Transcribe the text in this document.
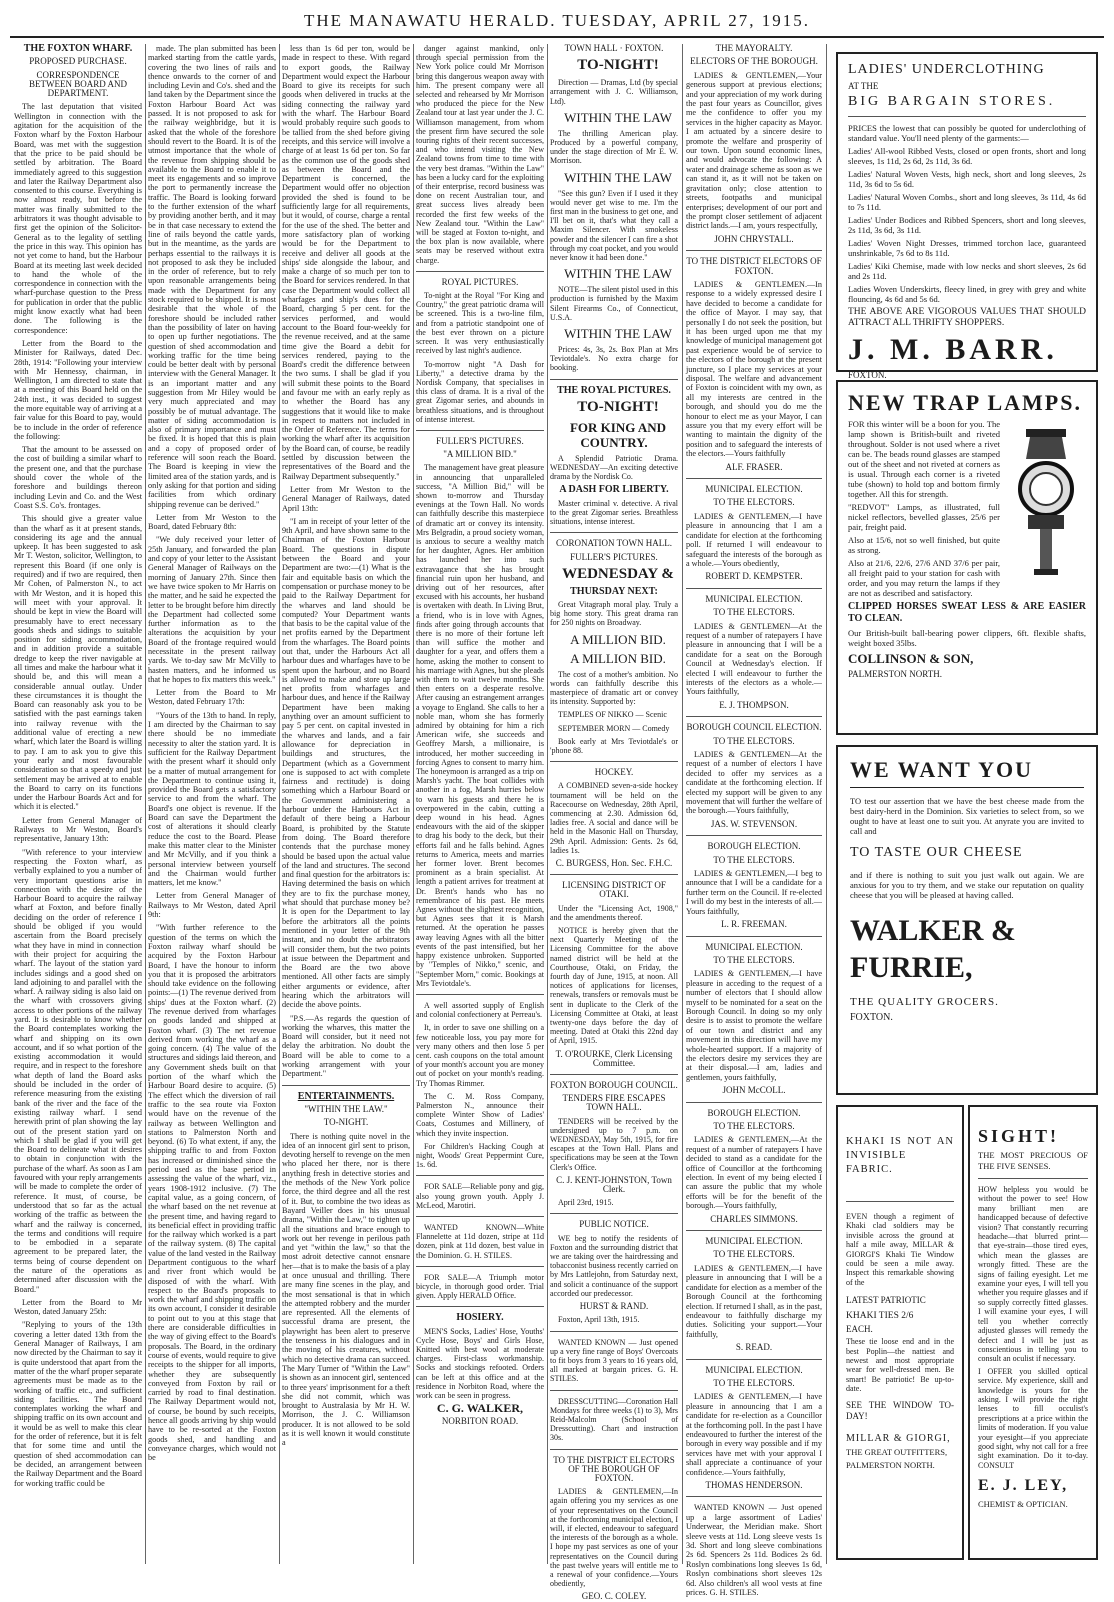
THE MANAWATU HERALD. TUESDAY, APRIL 27, 1915.

THE FOXTON WHARF.

PROPOSED PURCHASE.

CORRESPONDENCE BETWEEN BOARD AND DEPARTMENT.

The last deputation that visited Wellington in connection with the agitation for the acquisition of the Foxton wharf by the Foxton Harbour Board, was met with the suggestion that the price to be paid should be settled by arbitration. The Board immediately agreed to this suggestion and later the Railway Department also consented to this course. Everything is now almost ready, but before the matter was finally submitted to the arbitrators it was thought advisable to first get the opinion of the Solicitor-General as to the legality of settling the price in this way. This opinion has not yet come to hand, but the Harbour Board at its meeting last week decided to hand the whole of the correspondence in connection with the wharf-purchase question to the Press for publication in order that the public might know exactly what had been done. The following is the correspondence:

Letter from the Board to the Minister for Railways, dated Dec. 28th, 1914: "Following your interview with Mr Hennessy, chairman, in Wellington, I am directed to state that at a meeting of this Board held on the 24th inst., it was decided to suggest the more equitable way of arriving at a fair value for this Board to pay, would be to include in the order of reference the following:

That the amount to be assessed on the cost of building a similar wharf to the present one, and that the purchase should cover the whole of the foreshore and buildings thereon including Levin and Co. and the West Coast S.S. Co's. frontages.

This should give a greater value than the wharf as it at present stands, considering its age and the annual upkeep. It has been suggested to ask Mr T. Weston, solicitor, Wellington, to represent this Board (if one only is required) and if two are required, then Mr Cohen, of Palmerston N., to act with Mr Weston, and it is hoped this will meet with your approval. It should be kept in view the Board will presumably have to erect necessary goods sheds and sidings to suitable position for siding accommodation, and in addition provide a suitable dredge to keep the river navigable at all times and make the harbour what it should be, and this will mean a considerable annual outlay. Under these circumstances it is thought the Board can reasonably ask you to be satisfied with the past earnings taken into railway revenue with the additional value of erecting a new wharf, which later the Board is willing to pay. I am to ask you to give this your early and most favourable consideration so that a speedy and just settlement may be arrived at to enable the Board to carry on its functions under the Harbour Boards Act and for which it is elected."

Letter from General Manager of Railways to Mr Weston, Board's representative, January 13th:

"With reference to your interview respecting the Foxton wharf, as verbally explained to you a number of very important questions arise in connection with the desire of the Harbour Board to acquire the railway wharf at Foxton, and before finally deciding on the order of reference I should be obliged if you would ascertain from the Board precisely what they have in mind in connection with their project for acquiring the wharf. The layout of the station yard includes sidings and a good shed on land adjoining to and parallel with the wharf. A railway siding is also laid on the wharf with crossovers giving access to other portions of the railway yard. It is desirable to know whether the Board contemplates working the wharf and shipping on its own account, and if so what portion of the existing accommodation it would require, and in respect to the foreshore what depth of land the Board asks should be included in the order of reference measuring from the existing bank of the river and the face of the existing railway wharf. I send herewith print of plan showing the lay out of the present station yard on which I shall be glad if you will get the Board to delineate what it desires to obtain in conjunction with the purchase of the wharf. As soon as I am favoured with your reply arrangements will be made to complete the order of reference. It must, of course, be understood that so far as the actual working of the traffic as between the wharf and the railway is concerned, the terms and conditions will require to be embodied in a separate agreement to be prepared later, the terms being of course dependent on the nature of the operations as determined after discussion with the Board."

Letter from the Board to Mr Weston, dated January 25th:

"Replying to yours of the 13th covering a letter dated 13th from the General Manager of Railways, I am now directed by the Chairman to say it is quite understood that apart from the matter of the the wharf proper separate agreements must be made as to the working of traffic etc., and sufficient siding facilities. The Board contemplates working the wharf and shipping traffic on its own account and it would be as well to make this clear for the order of reference, but it is felt that for some time and until the question of shed accommodation can be decided, an arrangement between the Railway Department and the Board for working traffic could be

made. The plan submitted has been marked starting from the cattle yards, covering the two lines of rails and thence onwards to the corner of and including Levin and Co's. shed and the land taken by the Department since the Foxton Harbour Board Act was passed. It is not proposed to ask for the railway weighbridge, but it is asked that the whole of the foreshore should revert to the Board. It is of the utmost importance that the whole of the revenue from shipping should be available to the Board to enable it to meet its engagements and so improve the port to permanently increase the traffic. The Board is looking forward to the further extension of the wharf by providing another berth, and it may be in that case necessary to extend the line of rails beyond the cattle yards, but in the meantime, as the yards are perhaps essential to the railways it is not proposed to ask they be included in the order of reference, but to rely upon reasonable arrangements being made with the Department for any stock required to be shipped. It is most desirable that the whole of the foreshore should be included rather than the possibility of later on having to open up further negotiations. The question of shed accommodation and working traffic for the time being could be better dealt with by personal interview with the General Manager. It is an important matter and any suggestion from Mr Hiley would be very much appreciated and may possibly be of mutual advantage. The matter of siding accommodation is also of primary importance and must be fixed. It is hoped that this is plain and a copy of proposed order of reference will soon reach the Board. The Board is keeping in view the limited area of the station yards, and is only asking for that portion and siding facilities from which ordinary shipping revenue can be derived."

Letter from Mr Weston to the Board, dated February 8th:

"We duly received your letter of 25th January, and forwarded the plan and copy of your letter to the Assistant General Manager of Railways on the morning of January 27th. Since then we have twice spoken to Mr Harris on the matter, and he said he expected the letter to be brought before him directly the Department had collected some further information as to the alterations the acquisition by your Board of the frontage required would necessitate in the present railway yards. We to-day saw Mr McVilly to hasten matters, and he informed us that he hopes to fix matters this week."

Letter from the Board to Mr Weston, dated February 17th:

"Yours of the 13th to hand. In reply, I am directed by the Chairman to say there should be no immediate necessity to alter the station yard. It is sufficient for the Railway Department with the present wharf it should only be a matter of mutual arrangement for the Department to continue using it, provided the Board gets a satisfactory service to and from the wharf. The Board's one object is revenue. If the Board can save the Department the cost of alterations it should clearly reduce the cost to the Board. Please make this matter clear to the Minister and Mr McVilly, and if you think a personal interview between yourself and the Chairman would further matters, let me know."

Letter from General Manager of Railways to Mr Weston, dated April 9th:

"With further reference to the question of the terms on which the Foxton railway wharf should be acquired by the Foxton Harbour Board, I have the honour to inform you that it is proposed the arbitrators should take evidence on the following points:—(1) The revenue derived from ships' dues at the Foxton wharf. (2) The revenue derived from wharfages on goods landed and shipped at Foxton wharf. (3) The net revenue derived from working the wharf as a going concern. (4) The value of the structures and sidings laid thereon, and any Government sheds built on that portion of the wharf which the Harbour Board desire to acquire. (5) The effect which the diversion of rail traffic to the sea route via Foxton would have on the revenue of the railway as between Wellington and stations to Palmerston North and beyond. (6) To what extent, if any, the shipping traffic to and from Foxton has increased or diminished since the period used as the base period in assessing the value of the wharf, viz., years 1908-1912 inclusive. (7) The capital value, as a going concern, of the wharf based on the net revenue at the present time, and having regard to its beneficial effect in providing traffic for the railway which worked is a part of the railway system. (8) The capital value of the land vested in the Railway Department contiguous to the wharf and river front which would be disposed of with the wharf. With respect to the Board's proposals to work the wharf and shipping traffic on its own account, I consider it desirable to point out to you at this stage that there are considerable difficulties in the way of giving effect to the Board's proposals. The Board, in the ordinary course of events, would require to give receipts to the shipper for all imports, whether they are subsequently conveyed from Foxton by rail or carried by road to final destination. The Railway Department would not, of course, be bound by such receipts, hence all goods arriving by ship would have to be re-sorted at the Foxton goods shed, and handling and conveyance charges, which would not be

less than 1s 6d per ton, would be made in respect to these. With regard to export goods, the Railway Department would expect the Harbour Board to give its receipts for such goods when delivered in trucks at the siding connecting the railway yard with the wharf. The Harbour Board would probably require such goods to be tallied from the shed before giving receipts, and this service will involve a charge of at least 1s 6d per ton. So far as the common use of the goods shed as between the Board and the Department is concerned, the Department would offer no objection provided the shed is found to be sufficiently large for all requirements, but it would, of course, charge a rental for the use of the shed. The better and more satisfactory plan of working would be for the Department to receive and deliver all goods at the ships' side alongside the labour, and make a charge of so much per ton to the Board for services rendered. In that case the Department would collect all wharfages and ship's dues for the Board, charging 5 per cent. for the services performed, and would account to the Board four-weekly for the revenue received, and at the same time give the Board a debit for services rendered, paying to the Board's credit the difference between the two sums. I shall be glad if you will submit these points to the Board and favour me with an early reply as to whether the Board has any suggestions that it would like to make in respect to matters not included in the Order of Reference. The terms for working the wharf after its acquisition by the Board can, of course, be readily settled by discussion between the representatives of the Board and the Railway Department subsequently."

Letter from Mr Weston to the General Manager of Railways, dated April 13th:

"I am in receipt of your letter of the 9th April, and have shown same to the Chairman of the Foxton Harbour Board. The questions in dispute between the Board and your Department are two:—(1) What is the fair and equitable basis on which the compensation or purchase money to be paid to the Railway Department for the wharves and land should be computed? Your Department wants that basis to be the capital value of the net profits earned by the Department from the wharfages. The Board points out that, under the Harbours Act all harbour dues and wharfages have to be spent upon the harbour, and no Board is allowed to make and store up large net profits from wharfages and harbour dues, and hence if the Railway Department have been making anything over an amount sufficient to pay 5 per cent. on capital invested in the wharves and lands, and a fair allowance for depreciation in buildings and structures, the Department (which as a Government one is supposed to act with complete fairness and rectitude) is doing something which a Harbour Board or the Government administering a harbour under the Harbours Act in default of there being a Harbour Board, is prohibited by the Statute from doing. The Board therefore contends that the purchase money should be based upon the actual value of the land and structures. The second and final question for the arbitrators is: Having determined the basis on which they are to fix the purchase money, what should that purchase money be? It is open for the Department to lay before the arbitrators all the points mentioned in your letter of the 9th instant, and no doubt the arbitrators will consider them, but the two points at issue between the Department and the Board are the two above mentioned. All other facts are simply either arguments or evidence, after hearing which the arbitrators will decide the above points.

"P.S.—As regards the question of working the wharves, this matter the Board will consider, but it need not delay the arbitration. No doubt the Board will be able to come to a working arrangement with your Department."

ENTERTAINMENTS.

"WITHIN THE LAW."

TO-NIGHT.

There is nothing quite novel in the idea of an innocent girl sent to prison, devoting herself to revenge on the men who placed her there, nor is there anything fresh in detective stories and the methods of the New York police force, the third degree and all the rest of it. But, to combine the two ideas as Bayard Veiller does in his unusual drama, "Within the Law," to tighten up all the situations and brace enough to work out her revenge in perilous path and yet "within the law," so that the most adroit detective cannot ensnare her—that is to make the basis of a play at once unusual and thrilling. There are many fine scenes in the play, and the most sensational is that in which the attempted robbery and the murder are represented. All the elements of successful drama are present, the playwright has been alert to preserve the tenseness in his dialogues and in the moving of his creatures, without which no detective drama can succeed. The Mary Turner of "Within the Law" is shown as an innocent girl, sentenced to three years' imprisonment for a theft she did not commit, which was brought to Australasia by Mr H. W. Morrison, the J. C. Williamson producer. It is not allowed to be sold as it is well known it would constitute a

danger against mankind, only through special permission from the New York police could Mr Morrison bring this dangerous weapon away with him. The present company were all selected and rehearsed by Mr Morrison who produced the piece for the New Zealand tour at last year under the J. C. Williamson management, from whom the present firm have secured the sole touring rights of their recent successes, and who intend visiting the New Zealand towns from time to time with the very best dramas. "Within the Law" has been a lucky card for the exploiting of their enterprise, record business was done on recent Australian tour, and great success lives already been recorded the first few weeks of the New Zealand tour. "Within the Law" will be staged at Foxton to-night, and the box plan is now available, where seats may be reserved without extra charge.

ROYAL PICTURES.

To-night at the Royal "For King and Country," the great patriotic drama will be screened. This is a two-line film, and from a patriotic standpoint one of the best ever thrown on a picture screen. It was very enthusiastically received by last night's audience.

To-morrow night "A Dash for Liberty," a detective drama by the Nordisk Company, that specialises in this class of drama. It is a rival of the great Zigomar series, and abounds in breathless situations, and is throughout of intense interest.

FULLER'S PICTURES.

"A MILLION BID."

The management have great pleasure in announcing that unparalleled success, "A Million Bid," will be shown to-morrow and Thursday evenings at the Town Hall. No words can faithfully describe this masterpiece of dramatic art or convey its intensity. Mrs Belgradin, a proud society woman, is anxious to secure a wealthy match for her daughter, Agnes. Her ambition has launched her into such extravagance that she has brought financial ruin upon her husband, and driving out of her resources, after excused with his accounts, her husband is overtaken with death. In Living Brut, a friend, who is in love with Agnes, finds after going through accounts that there is no more of their fortune left than will suffice the mother and daughter for a year, and offers them a home, asking the mother to consent to his marriage with Agnes, but she pleads with them to wait twelve months. She then enters on a desperate resolve. After causing an estrangement arranges a voyage to England. She calls to her a noble man, whom she has formerly admired by obtaining for him a rich American wife, she succeeds and Geoffrey Marsh, a millionaire, is introduced, her mother succeeding in forcing Agnes to consent to marry him. The honeymoon is arranged as a trip on Marsh's yacht. The boat collides with another in a fog, Marsh hurries below to warn his guests and there he is overpowered in the cabin, cutting a deep wound in his head. Agnes endeavours with the aid of the skipper to drag his body to the deck, but their efforts fail and he falls behind. Agnes returns to America, meets and marries her former lover. Brent becomes prominent as a brain specialist. At length a patient arrives for treatment at Dr. Brent's hands who has no remembrance of his past. He meets Agnes without the slightest recognition, but Agnes sees that it is Marsh returned. At the operation he passes away leaving Agnes with all the bitter events of the past intensified, but her happy existence unbroken. Supported by "Temples of Nikko," scenic, and "September Morn," comic. Bookings at Mrs Teviotdale's.

A well assorted supply of English and colonial confectionery at Perreau's.

It, in order to save one shilling on a few noticeable loss, you pay more for very many others and then lose 5 per cent. cash coupons on the total amount of your month's account you are money out of pocket on your month's reading. Try Thomas Rimmer.

The C. M. Ross Company, Palmerston N., announce their complete Winter Show of Ladies' Coats, Costumes and Millinery, of which they invite inspection.

For Children's Hacking Cough at night, Woods' Great Peppermint Cure, 1s. 6d.

FOR SALE—Reliable pony and gig, also young grown youth. Apply J. McLeod, Marotiri.

WANTED KNOWN—White Flannelette at 11d dozen, stripe at 11d dozen, pink at 11d dozen, best value in the Dominion. G. H. STILES.

FOR SALE—A Triumph motor bicycle, in thorough good order. Trial given. Apply HERALD Office.

HOSIERY.

MEN'S Socks, Ladies' Hose, Youths' Cycle Hose, Boys' and Girls Hose, Knitted with best wool at moderate charges. First-class workmanship. Socks and stockings refooted. Orders can be left at this office and at the residence in Norbiton Road, where the work can be seen in progress.

C. G. WALKER,

NORBITON ROAD.

TOWN HALL · FOXTON.

TO-NIGHT!

Direction — Dramas, Ltd (by special arrangement with J. C. Williamson, Ltd).

WITHIN THE LAW

The thrilling American play. Produced by a powerful company, under the stage direction of Mr E. W. Morrison.

WITHIN THE LAW

"See this gun? Even if I used it they would never get wise to me. I'm the first man in the business to get one, and I'll bet on it, that's what they call a Maxim Silencer. With smokeless powder and the silencer I can fire a shot through my coat pocket, and you would never know it had been done."

WITHIN THE LAW

NOTE—The silent pistol used in this production is furnished by the Maxim Silent Firearms Co., of Connecticut, U.S.A.

WITHIN THE LAW

Prices: 4s, 3s, 2s. Box Plan at Mrs Teviotdale's. No extra charge for booking.

THE ROYAL PICTURES.

TO-NIGHT!

FOR KING AND COUNTRY.

A Splendid Patriotic Drama. WEDNESDAY—An exciting detective drama by the Nordisk Co.

A DASH FOR LIBERTY.

Master criminal v. detective. A rival to the great Zigomar series. Breathless situations, intense interest.

CORONATION TOWN HALL.

FULLER'S PICTURES.

WEDNESDAY &

THURSDAY NEXT:

Great Vitagraph moral play. Truly a big home story. This great drama ran for 250 nights on Broadway.

A MILLION BID.

A MILLION BID.

The cost of a mother's ambition. No words can faithfully describe this masterpiece of dramatic art or convey its intensity. Supported by:

TEMPLES OF NIKKO — Scenic

SEPTEMBER MORN — Comedy

Book early at Mrs Teviotdale's or 'phone 88.

HOCKEY.

A COMBINED seven-a-side hockey tournament will be held on the Racecourse on Wednesday, 28th April, commencing at 2.30. Admission 6d, ladies free. A social and dance will be held in the Masonic Hall on Thursday, 29th April. Admission: Gents. 2s 6d, ladies 1s.

C. BURGESS, Hon. Sec. F.H.C.

LICENSING DISTRICT OF OTAKI.

Under the "Licensing Act, 1908," and the amendments thereof.

NOTICE is hereby given that the next Quarterly Meeting of the Licensing Committee for the above named district will be held at the Courthouse, Otaki, on Friday, the fourth day of June, 1915, at noon. All notices of applications for licenses, renewals, transfers or removals must be sent in duplicate to the Clerk of the Licensing Committee at Otaki, at least twenty-one days before the day of meeting. Dated at Otaki this 22nd day of April, 1915.

T. O'ROURKE, Clerk Licensing Committee.

FOXTON BOROUGH COUNCIL.

TENDERS FIRE ESCAPES TOWN HALL.

TENDERS will be received by the undersigned up to 7 p.m. on WEDNESDAY, May 5th, 1915, for fire escapes at the Town Hall. Plans and specifications may be seen at the Town Clerk's Office.

C. J. KENT-JOHNSTON, Town Clerk.

April 23rd, 1915.

PUBLIC NOTICE.

WE beg to notify the residents of Foxton and the surrounding district that we are taking over the hairdressing and tobacconist business recently carried on by Mrs Lattlejohn, from Saturday next, and solicit a continuance of the support accorded our predecessor.

HURST & RAND.

Foxton, April 13th, 1915.

WANTED KNOWN — Just opened up a very fine range of Boys' Overcoats to fit boys from 3 years to 16 years old, all marked at bargain prices. G. H. STILES.

DRESSCUTTING—Coronation Hall Mondays for three weeks (1) to 3), Mrs Reid-Malcolm (School of Dresscutting). Chart and instruction 30s.

TO THE DISTRICT ELECTORS OF THE BOROUGH OF FOXTON.

LADIES & GENTLEMEN,—In again offering you my services as one of your representatives on the Council at the forthcoming municipal election, I will, if elected, endeavour to safeguard the interests of the borough as a whole. I hope my past services as one of your representatives on the Council during the past twelve years will entitle me to a renewal of your confidence.—Yours obediently,

GEO. C. COLEY.

LADIES' UNDERCLOTHING

AT THE

BIG BARGAIN STORES.

PRICES the lowest that can possibly be quoted for underclothing of standard value. You'll need plenty of the garments:—

Ladies' All-wool Ribbed Vests, closed or open fronts, short and long sleeves, 1s 11d, 2s 6d, 2s 11d, 3s 6d.

Ladies' Natural Woven Vests, high neck, short and long sleeves, 2s 11d, 3s 6d to 5s 6d.

Ladies' Natural Woven Combs., short and long sleeves, 3s 11d, 4s 6d to 7s 11d.

Ladies' Under Bodices and Ribbed Spencers, short and long sleeves, 2s 11d, 3s 6d, 3s 11d.

Ladies' Woven Night Dresses, trimmed torchon lace, guaranteed unshrinkable, 7s 6d to 8s 11d.

Ladies' Kiki Chemise, made with low necks and short sleeves, 2s 6d and 2s 11d.

Ladies Woven Underskirts, fleecy lined, in grey with grey and white flouncing, 4s 6d and 5s 6d.

THE ABOVE ARE VIGOROUS VALUES THAT SHOULD ATTRACT ALL THRIFTY SHOPPERS.

J. M. BARR.

FOXTON.

NEW TRAP LAMPS.

FOR this winter will be a boon for you. The lamp shown is British-built and riveted throughout. Solder is not used where a rivet can be. The beads round glasses are stamped out of the sheet and not riveted at corners as is usual. Through each corner is a riveted tube (shown) to hold top and bottom firmly together. All this for strength.

"REDVOT" Lamps, as illustrated, full nickel reflectors, bevelled glasses, 25/6 per pair, freight paid.

Also at 15/6, not so well finished, but quite as strong.

Also at 21/6, 22/6, 27/6 AND 37/6 per pair, all freight paid to your station for cash with order, and you may return the lamps if they are not as described and satisfactory.

CLIPPED HORSES SWEAT LESS & ARE EASIER TO CLEAN.

Our British-built ball-bearing power clippers, 6ft. flexible shafts, weight boxed 35lbs.

COLLINSON & SON,

PALMERSTON NORTH.

WE WANT YOU

TO test our assertion that we have the best cheese made from the best dairy-herd in the Dominion. Six varieties to select from, so we ought to have at least one to suit you. At anyrate you are invited to call and

TO TASTE OUR CHEESE

and if there is nothing to suit you just walk out again. We are anxious for you to try them, and we stake our reputation on quality cheese that you will be pleased at having called.

WALKER &

FURRIE,

THE QUALITY GROCERS.

FOXTON.

KHAKI IS NOT AN INVISIBLE FABRIC.

EVEN though a regiment of Khaki clad soldiers may be invisible across the ground at half a mile away, MILLAR & GIORGI'S Khaki Tie Window could be seen a mile away. Inspect this remarkable showing of the

LATEST PATRIOTIC

KHAKI TIES 2/6

EACH.

These tie loose end and in the best Poplin—the nattiest and newest and most appropriate wear for well-dressed men. Be smart! Be patriotic! Be up-to-date.

SEE THE WINDOW TO-DAY!

MILLAR & GIORGI,

THE GREAT OUTFITTERS,

PALMERSTON NORTH.

SIGHT!

THE MOST PRECIOUS OF THE FIVE SENSES.

HOW helpless you would be without the power to see! How many brilliant men are handicapped because of defective vision? That constantly recurring headache—that blurred print—that eye-strain—those tired eyes, which mean the glasses are wrongly fitted. These are the signs of failing eyesight. Let me examine your eyes, I will tell you whether you require glasses and if so supply correctly fitted glasses. I will examine your eyes, I will tell you whether correctly adjusted glasses will remedy the defect and I will be just as conscientious in telling you to consult an oculist if necessary.

I OFFER you skilled optical service. My experience, skill and knowledge is yours for the asking. I will provide the right lenses to fill occulist's prescriptions at a price within the limits of moderation. If you value your eyesight—if you appreciate good sight, why not call for a free sight examination. Do it to-day. CONSULT

E. J. LEY,

CHEMIST & OPTICIAN.

THE MAYORALTY.

ELECTORS OF THE BOROUGH.

LADIES & GENTLEMEN,—Your generous support at previous elections; and your appreciation of my work during the past four years as Councillor, gives me the confidence to offer you my services in the higher capacity as Mayor. I am actuated by a sincere desire to promote the welfare and prosperity of our town. Upon sound economic lines, and would advocate the following: A water and drainage scheme as soon as we can stand it, as it will not be taken on gravitation only; close attention to streets, footpaths and municipal enterprises; development of our port and the prompt closer settlement of adjacent district lands.—I am, yours respectfully,

JOHN CHRYSTALL.

TO THE DISTRICT ELECTORS OF FOXTON.

LADIES & GENTLEMEN.—In response to a widely expressed desire I have decided to become a candidate for the office of Mayor. I may say, that personally I do not seek the position, but it has been urged upon me that my knowledge of municipal management got past experience would be of service to the electors of the borough at the present juncture, so I place my services at your disposal. The welfare and advancement of Foxton is coincident with my own, as all my interests are centred in the borough, and should you do me the honour to elect me as your Mayor, I can assure you that my every effort will be wanting to maintain the dignity of the position and to safeguard the interests of the electors.—Yours faithfully

ALF. FRASER.

MUNICIPAL ELECTION.

TO THE ELECTORS.

LADIES & GENTLEMEN,—I have pleasure in announcing that I am a candidate for election at the forthcoming poll. If returned I will endeavour to safeguard the interests of the borough as a whole.—Yours obediently,

ROBERT D. KEMPSTER.

MUNICIPAL ELECTION.

TO THE ELECTORS.

LADIES & GENTLEMEN—At the request of a number of ratepayers I have pleasure in announcing that I will be a candidate for a seat on the Borough Council at Wednesday's election. If elected I will endeavour to further the interests of the electors as a whole.—Yours faithfully,

E. J. THOMPSON.

BOROUGH COUNCIL ELECTION.

TO THE ELECTORS.

LADIES & GENTLEMEN—At the request of a number of electors I have decided to offer my services as a candidate at the forthcoming election. If elected my support will be given to any movement that will further the welfare of the borough.—Yours faithfully,

JAS. W. STEVENSON.

BOROUGH ELECTION.

TO THE ELECTORS.

LADIES & GENTLEMEN,—I beg to announce that I will be a candidate for a further term on the Council. If re-elected I will do my best in the interests of all.—Yours faithfully,

L. R. FREEMAN.

MUNICIPAL ELECTION.

TO THE ELECTORS.

LADIES & GENTLEMEN,—I have pleasure in acceding to the request of a number of electors that I should allow myself to be nominated for a seat on the Borough Council. In doing so my only desire is to assist to promote the welfare of our town and district and any movement in this direction will have my whole-hearted support. If a majority of the electors desire my services they are at their disposal.—I am, ladies and gentlemen, yours faithfully,

JOHN McCOLL.

BOROUGH ELECTION.

TO THE ELECTORS.

LADIES & GENTLEMEN,—At the request of a number of ratepayers I have decided to stand as a candidate for the office of Councillor at the forthcoming election. In event of my being elected I can assure the public that my whole efforts will be for the benefit of the borough.—Yours faithfully,

CHARLES SIMMONS.

MUNICIPAL ELECTION.

TO THE ELECTORS.

LADIES & GENTLEMEN,—I have pleasure in announcing that I will be a candidate for election as a member of the Borough Council at the forthcoming election. If returned I shall, as in the past, endeavour to faithfully discharge my duties. Soliciting your support.—Your faithfully,

S. READ.

MUNICIPAL ELECTION.

TO THE ELECTORS.

LADIES & GENTLEMEN,—I have pleasure in announcing that I am a candidate for re-election as a Councillor at the forthcoming poll. In the past I have endeavoured to further the interest of the borough in every way possible and if my services have met with your approval I shall appreciate a continuance of your confidence.—Yours faithfully,

THOMAS HENDERSON.

WANTED KNOWN — Just opened up a large assortment of Ladies' Underwear, the Meridian make. Short sleeve vests at 11d. Long sleeve vests 1s 3d. Short and long sleeve combinations 2s 6d. Spencers 2s 11d. Bodices 2s 6d. Roslyn combinations long sleeves 1s 6d, Roslyn combinations short sleeves 12s 6d. Also children's all wool vests at fine prices. G. H. STILES.
